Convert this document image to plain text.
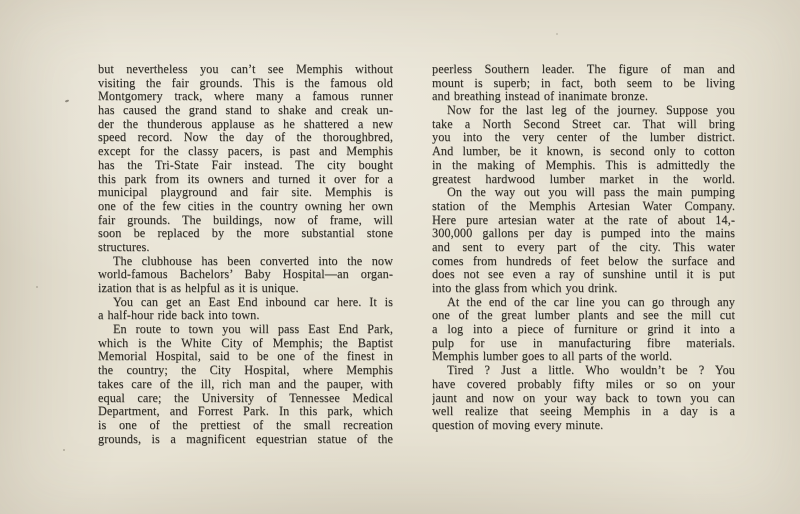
but nevertheless you can’t see Memphis without
visiting the fair grounds. This is the famous old
Montgomery track, where many a famous runner
has caused the grand stand to shake and creak un-
der the thunderous applause as he shattered a new
speed record. Now the day of the thoroughbred,
except for the classy pacers, is past and Memphis
has the Tri-State Fair instead. The city bought
this park from its owners and turned it over for a
municipal playground and fair site. Memphis is
one of the few cities in the country owning her own
fair grounds. The buildings, now of frame, will
soon be replaced by the more substantial stone
structures.
The clubhouse has been converted into the now
world-famous Bachelors’ Baby Hospital—an organ-
ization that is as helpful as it is unique.
You can get an East End inbound car here. It is
a half-hour ride back into town.
En route to town you will pass East End Park,
which is the White City of Memphis; the Baptist
Memorial Hospital, said to be one of the finest in
the country; the City Hospital, where Memphis
takes care of the ill, rich man and the pauper, with
equal care; the University of Tennessee Medical
Department, and Forrest Park. In this park, which
is one of the prettiest of the small recreation
grounds, is a magnificent equestrian statue of the
peerless Southern leader. The figure of man and
mount is superb; in fact, both seem to be living
and breathing instead of inanimate bronze.
Now for the last leg of the journey. Suppose you
take a North Second Street car. That will bring
you into the very center of the lumber district.
And lumber, be it known, is second only to cotton
in the making of Memphis. This is admittedly the
greatest hardwood lumber market in the world.
On the way out you will pass the main pumping
station of the Memphis Artesian Water Company.
Here pure artesian water at the rate of about 14,-
300,000 gallons per day is pumped into the mains
and sent to every part of the city. This water
comes from hundreds of feet below the surface and
does not see even a ray of sunshine until it is put
into the glass from which you drink.
At the end of the car line you can go through any
one of the great lumber plants and see the mill cut
a log into a piece of furniture or grind it into a
pulp for use in manufacturing fibre materials.
Memphis lumber goes to all parts of the world.
Tired ? Just a little. Who wouldn’t be ? You
have covered probably fifty miles or so on your
jaunt and now on your way back to town you can
well realize that seeing Memphis in a day is a
question of moving every minute.
